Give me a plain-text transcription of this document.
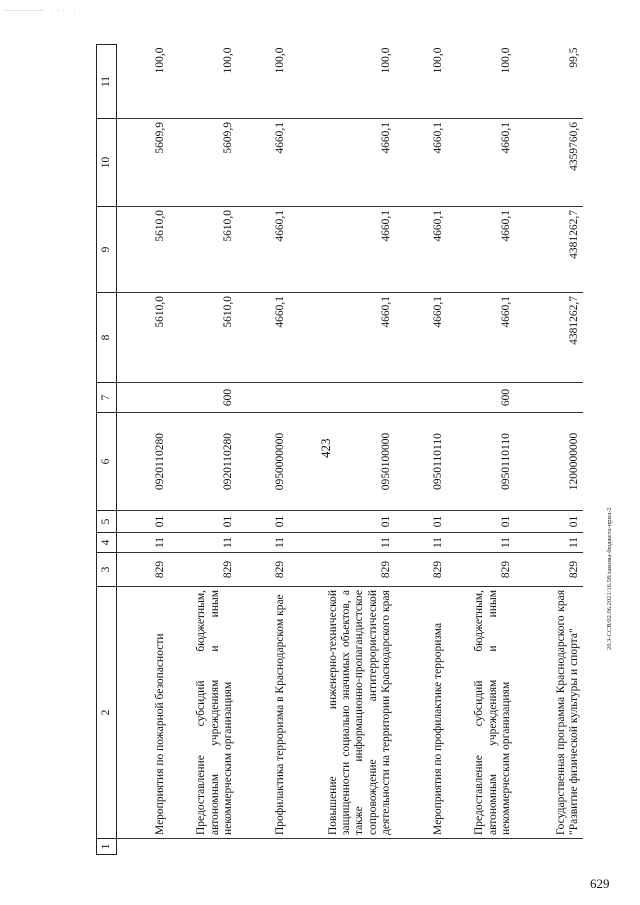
‒‒‒‒‒‒‒‒‒‒   · · · · · ·
423
629
20.3-ССВ/02.06.2021/16.58/законы-бюджета-прил-2
1	2	3	4	5	6	7	8	9	10	11
	Мероприятия по пожарной безопасности	829	11	01	0920110280		5610,0	5610,0	5609,9	100,0
	Предоставление субсидий бюджетным, автономным учреждениям и иным некоммерческим организациям	829	11	01	0920110280	600	5610,0	5610,0	5609,9	100,0
	Профилактика терроризма в Краснодарском крае	829	11	01	0950000000		4660,1	4660,1	4660,1	100,0
	Повышение инженерно-технической защищенности социально значимых объектов, а также информационно-пропагандистское сопровождение антитеррористической деятельности на территории Краснодарского края	829	11	01	0950100000		4660,1	4660,1	4660,1	100,0
	Мероприятия по профилактике терроризма	829	11	01	0950110110		4660,1	4660,1	4660,1	100,0
	Предоставление субсидий бюджетным, автономным учреждениям и иным некоммерческим организациям	829	11	01	0950110110	600	4660,1	4660,1	4660,1	100,0
	Государственная программа Краснодарского края "Развитие физической культуры и спорта"	829	11	01	1200000000		4381262,7	4381262,7	4359760,6	99,5
